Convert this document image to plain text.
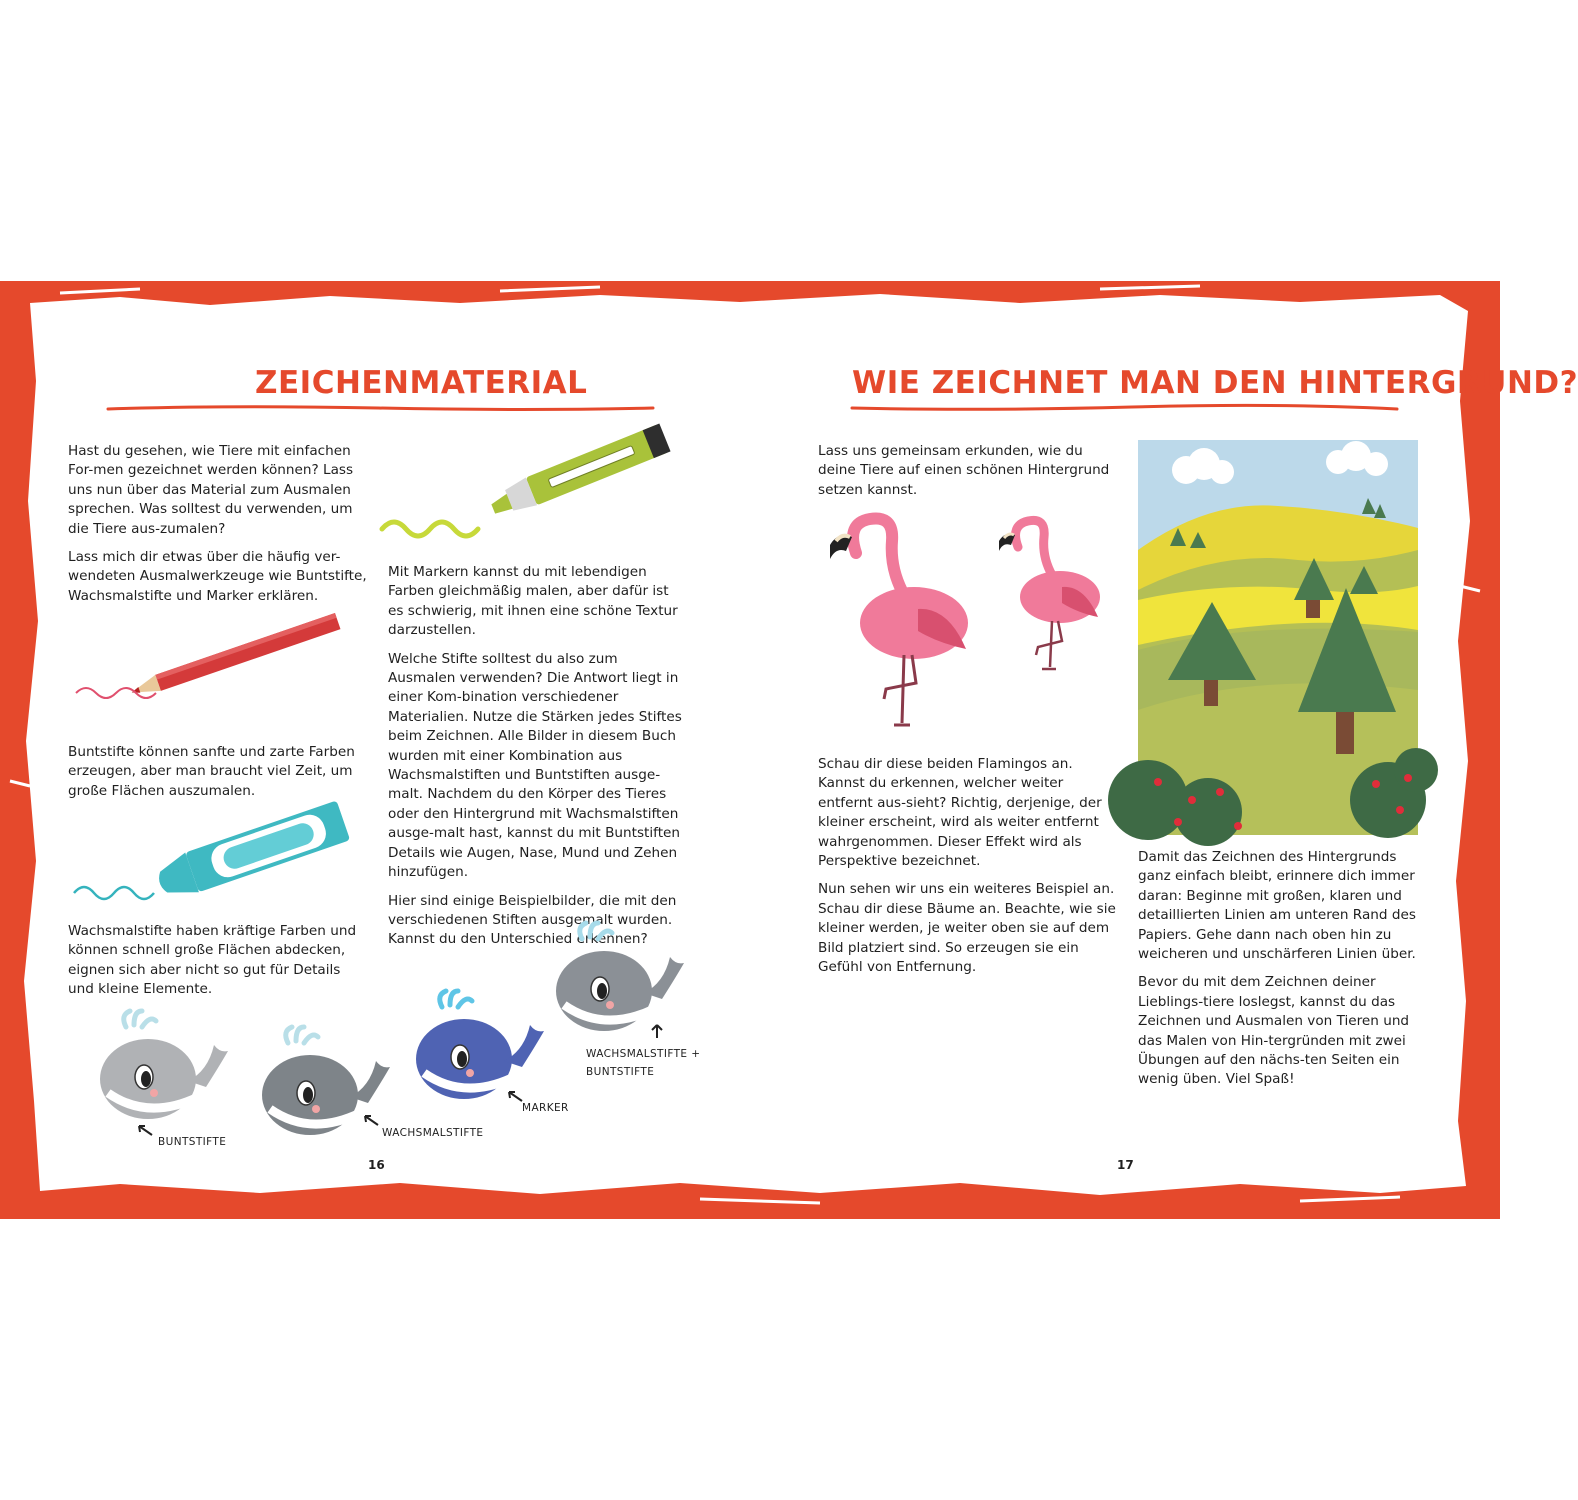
ZEICHENMATERIAL

Hast du gesehen, wie Tiere mit einfachen For-men gezeichnet werden können? Lass uns nun über das Material zum Ausmalen sprechen. Was solltest du verwenden, um die Tiere aus-zumalen?

Lass mich dir etwas über die häufig ver-wendeten Ausmalwerkzeuge wie Buntstifte, Wachsmalstifte und Marker erklären.

Buntstifte können sanfte und zarte Farben erzeugen, aber man braucht viel Zeit, um große Flächen auszumalen.
Wachsmalstifte haben kräftige Farben und können schnell große Flächen abdecken, eignen sich aber nicht so gut für Details und kleine Elemente.

Mit Markern kannst du mit lebendigen Farben gleichmäßig malen, aber dafür ist es schwierig, mit ihnen eine schöne Textur darzustellen.

Welche Stifte solltest du also zum Ausmalen verwenden? Die Antwort liegt in einer Kom-bination verschiedener Materialien. Nutze die Stärken jedes Stiftes beim Zeichnen. Alle Bilder in diesem Buch wurden mit einer Kombination aus Wachsmalstiften und Buntstiften ausge-malt. Nachdem du den Körper des Tieres oder den Hintergrund mit Wachsmalstiften ausge-malt hast, kannst du mit Buntstiften Details wie Augen, Nase, Mund und Zehen hinzufügen.

Hier sind einige Beispielbilder, die mit den verschiedenen Stiften ausgemalt wurden. Kannst du den Unterschied erkennen?

BUNTSTIFTE
WACHSMALSTIFTE
MARKER
WACHSMALSTIFTE +
BUNTSTIFTE
16
WIE ZEICHNET MAN DEN HINTERGRUND?
Lass uns gemeinsam erkunden, wie du deine Tiere auf einen schönen Hintergrund setzen kannst.

Schau dir diese beiden Flamingos an. Kannst du erkennen, welcher weiter entfernt aus-sieht? Richtig, derjenige, der kleiner erscheint, wird als weiter entfernt wahrgenommen. Dieser Effekt wird als Perspektive bezeichnet.

Nun sehen wir uns ein weiteres Beispiel an. Schau dir diese Bäume an. Beachte, wie sie kleiner werden, je weiter oben sie auf dem Bild platziert sind. So erzeugen sie ein Gefühl von Entfernung.

Damit das Zeichnen des Hintergrunds ganz einfach bleibt, erinnere dich immer daran: Beginne mit großen, klaren und detaillierten Linien am unteren Rand des Papiers. Gehe dann nach oben hin zu weicheren und unschärferen Linien über.

Bevor du mit dem Zeichnen deiner Lieblings-tiere loslegst, kannst du das Zeichnen und Ausmalen von Tieren und das Malen von Hin-tergründen mit zwei Übungen auf den nächs-ten Seiten ein wenig üben. Viel Spaß!

17
